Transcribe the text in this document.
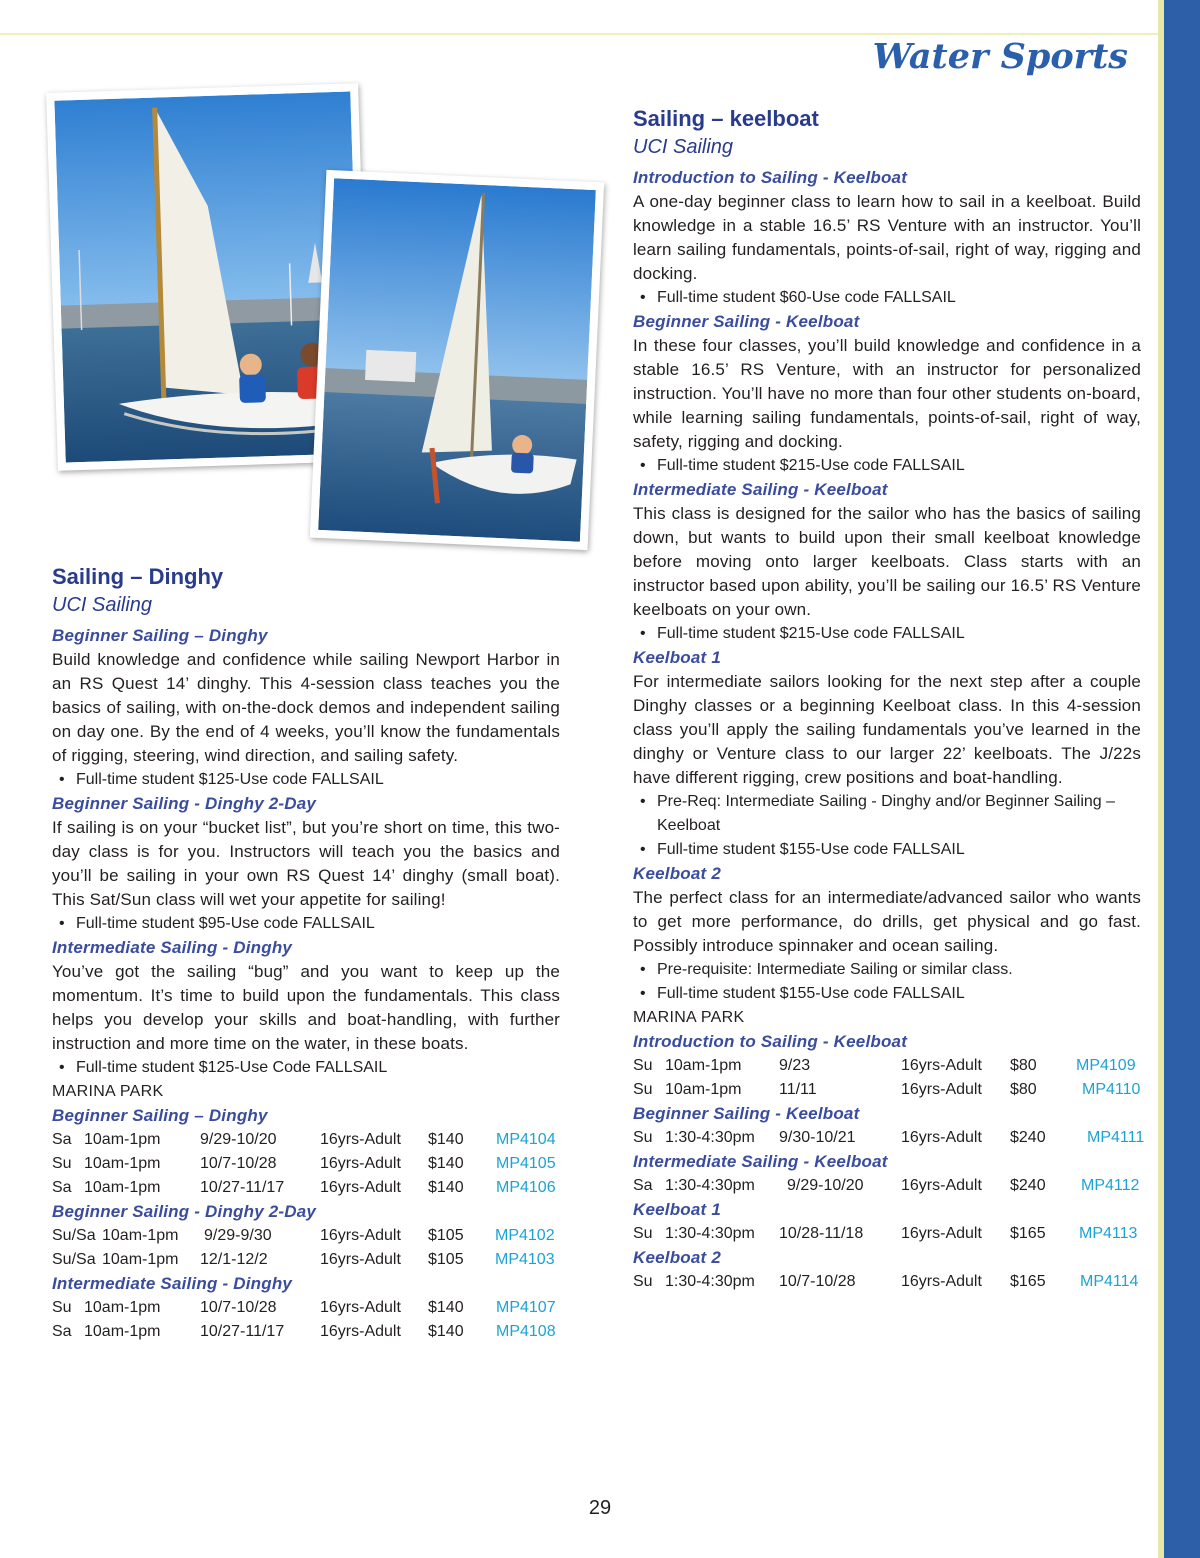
Water Sports
Sailing – Dinghy
UCI Sailing
Beginner Sailing – Dinghy
Build knowledge and confidence while sailing Newport Harbor in an RS Quest 14’ dinghy. This 4-session class teaches you the basics of sailing, with on-the-dock demos and independent sailing on day one. By the end of 4 weeks, you’ll know the fundamentals of rigging, steering, wind direction, and sailing safety.
• Full-time student $125-Use code FALLSAIL
Beginner Sailing - Dinghy 2-Day
If sailing is on your “bucket list”, but you’re short on time, this two-day class is for you. Instructors will teach you the basics and you’ll be sailing in your own RS Quest 14’ dinghy (small boat). This Sat/Sun class will wet your appetite for sailing!
• Full-time student $95-Use code FALLSAIL
Intermediate Sailing - Dinghy
You’ve got the sailing “bug” and you want to keep up the momentum. It’s time to build upon the fundamentals. This class helps you develop your skills and boat-handling, with further instruction and more time on the water, in these boats.
• Full-time student $125-Use Code FALLSAIL
MARINA PARK
Beginner Sailing – Dinghy
Sa 10am-1pm 9/29-10/20	16yrs-Adult $140 MP4104
Su 10am-1pm 10/7-10/28	16yrs-Adult $140 MP4105
Sa 10am-1pm 10/27-11/17 16yrs-Adult $140 MP4106
Beginner Sailing - Dinghy 2-Day
Su/Sa 10am-1pm 9/29-9/30	16yrs-Adult $105 MP4102
Su/Sa 10am-1pm 12/1-12/2	16yrs-Adult $105 MP4103
Intermediate Sailing - Dinghy
Su 10am-1pm 10/7-10/28	16yrs-Adult $140 MP4107
Sa 10am-1pm 10/27-11/17 16yrs-Adult $140 MP4108
Sailing – keelboat
UCI Sailing
Introduction to Sailing - Keelboat
A one-day beginner class to learn how to sail in a keelboat. Build knowledge in a stable 16.5’ RS Venture with an instructor. You’ll learn sailing fundamentals, points-of-sail, right of way, rigging and docking.
• Full-time student $60-Use code FALLSAIL
Beginner Sailing - Keelboat
In these four classes, you’ll build knowledge and confidence in a stable 16.5’ RS Venture, with an instructor for personalized instruction. You’ll have no more than four other students on-board, while learning sailing fundamentals, points-of-sail, right of way, safety, rigging and docking.
• Full-time student $215-Use code FALLSAIL
Intermediate Sailing - Keelboat
This class is designed for the sailor who has the basics of sailing down, but wants to build upon their small keelboat knowledge before moving onto larger keelboats. Class starts with an instructor based upon ability, you’ll be sailing our 16.5’ RS Venture keelboats on your own.
• Full-time student $215-Use code FALLSAIL
Keelboat 1
For intermediate sailors looking for the next step after a couple Dinghy classes or a beginning Keelboat class. In this 4-session class you’ll apply the sailing fundamentals you’ve learned in the dinghy or Venture class to our larger 22’ keelboats. The J/22s have different rigging, crew positions and boat-handling.
• Pre-Req: Intermediate Sailing - Dinghy and/or Beginner Sailing – Keelboat
• Full-time student $155-Use code FALLSAIL
Keelboat 2
The perfect class for an intermediate/advanced sailor who wants to get more performance, do drills, get physical and go fast. Possibly introduce spinnaker and ocean sailing.
• Pre-requisite: Intermediate Sailing or similar class.
• Full-time student $155-Use code FALLSAIL
MARINA PARK
Introduction to Sailing - Keelboat
Su 10am-1pm 9/23	16yrs-Adult $80 MP4109
Su 10am-1pm 11/11	16yrs-Adult $80	MP4110
Beginner Sailing - Keelboat
Su 1:30-4:30pm 9/30-10/21	16yrs-Adult $240	MP4111
Intermediate Sailing - Keelboat
Sa 1:30-4:30pm 9/29-10/20 16yrs-Adult $240 MP4112
Keelboat 1
Su 1:30-4:30pm 10/28-11/18 16yrs-Adult $165 MP4113
Keelboat 2
Su 1:30-4:30pm 10/7-10/28	16yrs-Adult $165 MP4114
29
